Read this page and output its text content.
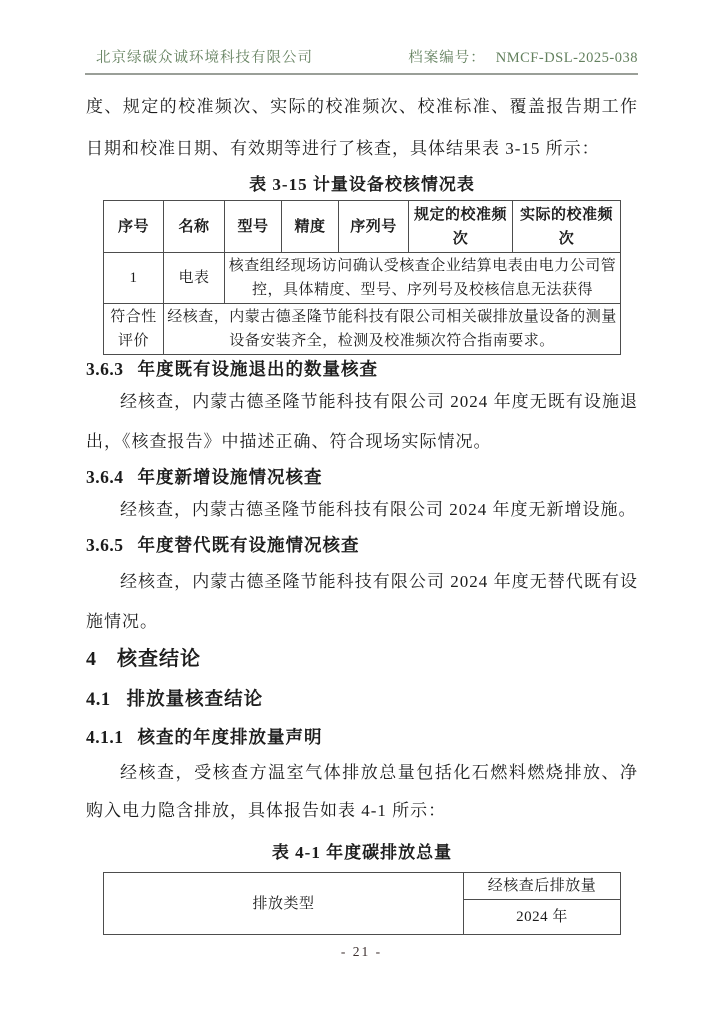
北京绿碳众诚环境科技有限公司	档案编号： NMCF-DSL-2025-038
度、规定的校准频次、实际的校准频次、校准标准、覆盖报告期工作日期和校准日期、有效期等进行了核查，具体结果表 3-15 所示：
表 3-15 计量设备校核情况表
序号	名称	型号	精度	序列号	规定的校准频次	实际的校准频次
1	电表	核查组经现场访问确认受核查企业结算电表由电力公司管控，具体精度、型号、序列号及校核信息无法获得				
符合性评价	经核查，内蒙古德圣隆节能科技有限公司相关碳排放量设备的测量设备安装齐全，检测及校准频次符合指南要求。					
3.6.3 年度既有设施退出的数量核查
经核查，内蒙古德圣隆节能科技有限公司 2024 年度无既有设施退出，《核查报告》中描述正确、符合现场实际情况。
3.6.4 年度新增设施情况核查
经核查，内蒙古德圣隆节能科技有限公司 2024 年度无新增设施。
3.6.5 年度替代既有设施情况核查
经核查，内蒙古德圣隆节能科技有限公司 2024 年度无替代既有设施情况。
4 核查结论
4.1 排放量核查结论
4.1.1 核查的年度排放量声明
经核查，受核查方温室气体排放总量包括化石燃料燃烧排放、净购入电力隐含排放，具体报告如表 4-1 所示：
表 4-1 年度碳排放总量
排放类型	经核查后排放量
2024 年
- 21 -
